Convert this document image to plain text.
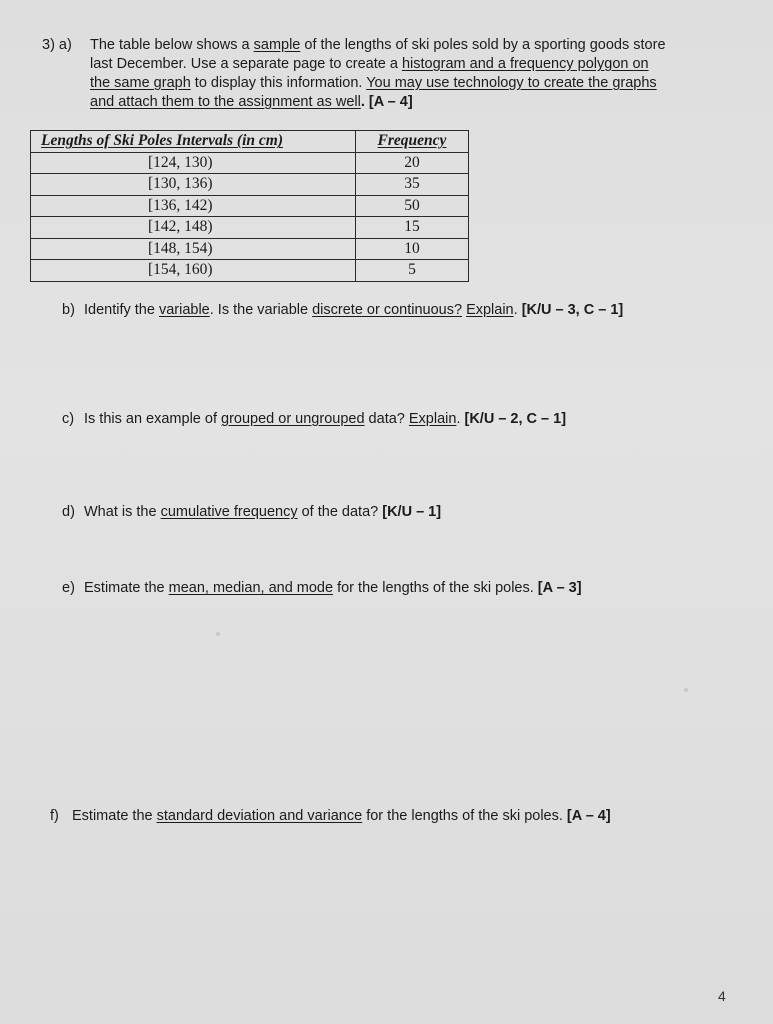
3) a) The table below shows a sample of the lengths of ski poles sold by a sporting goods store
last December. Use a separate page to create a histogram and a frequency polygon on
the same graph to display this information. You may use technology to create the graphs
and attach them to the assignment as well. [A – 4]
Lengths of Ski Poles Intervals (in cm)	Frequency
[124, 130)	20
[130, 136)	35
[136, 142)	50
[142, 148)	15
[148, 154)	10
[154, 160)	5
b) Identify the variable. Is the variable discrete or continuous? Explain. [K/U – 3, C – 1]
c) Is this an example of grouped or ungrouped data? Explain. [K/U – 2, C – 1]
d) What is the cumulative frequency of the data? [K/U – 1]
e) Estimate the mean, median, and mode for the lengths of the ski poles. [A – 3]
f) Estimate the standard deviation and variance for the lengths of the ski poles. [A – 4]
4
